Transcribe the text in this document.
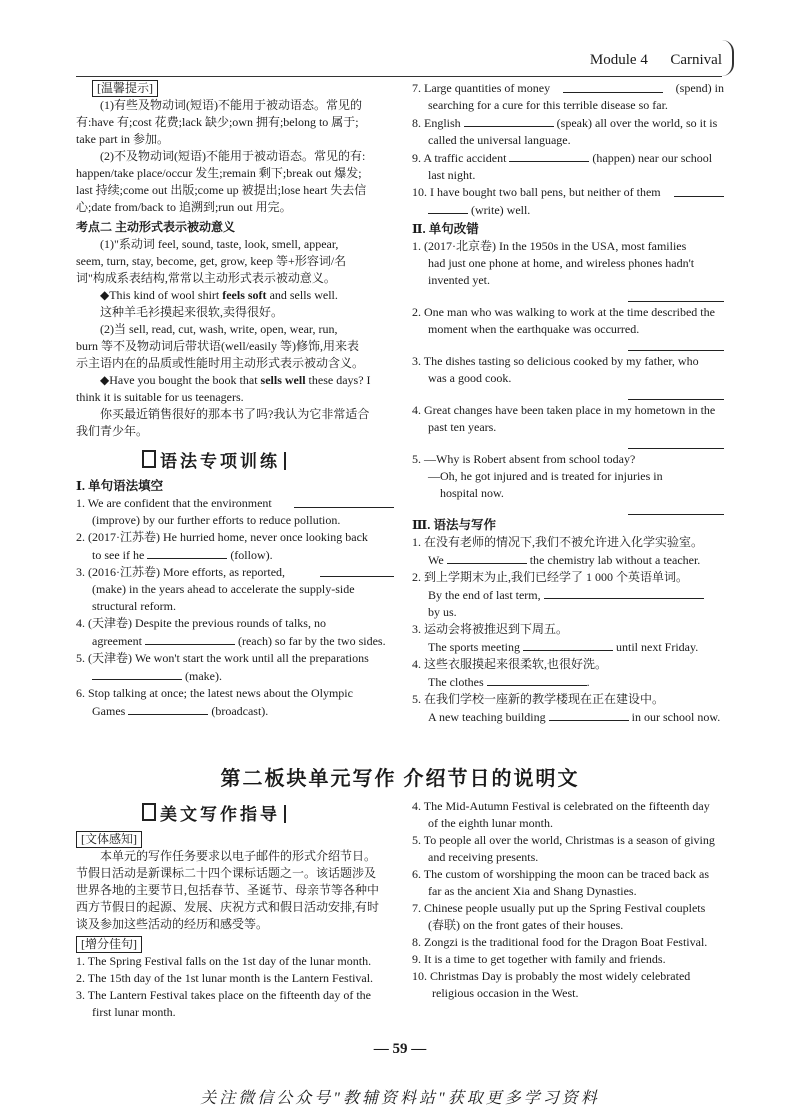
Module 4 Carnival

[温馨提示]

(1)有些及物动词(短语)不能用于被动语态。常见的

有:have 有;cost 花费;lack 缺少;own 拥有;belong to 属于;

take part in 参加。

(2)不及物动词(短语)不能用于被动语态。常见的有:

happen/take place/occur 发生;remain 剩下;break out 爆发;

last 持续;come out 出版;come up 被提出;lose heart 失去信

心;date from/back to 追溯到;run out 用完。

考点二 主动形式表示被动意义

(1)"系动词 feel, sound, taste, look, smell, appear,

seem, turn, stay, become, get, grow, keep 等+形容词/名

词"构成系表结构,常常以主动形式表示被动意义。

◆This kind of wool shirt feels soft and sells well.

这种羊毛衫摸起来很软,卖得很好。

(2)当 sell, read, cut, wash, write, open, wear, run,

burn 等不及物动词后带状语(well/easily 等)修饰,用来表

示主语内在的品质或性能时用主动形式表示被动含义。

◆Have you bought the book that sells well these days? I

think it is suitable for us teenagers.

你买最近销售很好的那本书了吗?我认为它非常适合

我们青少年。

语法专项训练

Ⅰ. 单句语法填空

1. We are confident that the environment

(improve) by our further efforts to reduce pollution.

2. (2017·江苏卷) He hurried home, never once looking back

to see if he	(follow).

3. (2016·江苏卷) More efforts, as reported,

(make) in the years ahead to accelerate the supply-side

structural reform.

4. (天津卷) Despite the previous rounds of talks, no

agreement	(reach) so far by the two sides.

5. (天津卷) We won't start the work until all the preparations

(make).

6. Stop talking at once; the latest news about the Olympic

Games	(broadcast).

7. Large quantities of money	(spend) in

searching for a cure for this terrible disease so far.

8. English	(speak) all over the world, so it is

called the universal language.

9. A traffic accident	(happen) near our school

last night.

10. I have bought two ball pens, but neither of them

(write) well.

Ⅱ. 单句改错

1. (2017·北京卷) In the 1950s in the USA, most families

had just one phone at home, and wireless phones hadn't

invented yet.

2. One man who was walking to work at the time described the

moment when the earthquake was occurred.

3. The dishes tasting so delicious cooked by my father, who

was a good cook.

4. Great changes have been taken place in my hometown in the

past ten years.

5. —Why is Robert absent from school today?

—Oh, he got injured and is treated for injuries in

hospital now.

Ⅲ. 语法与写作

1. 在没有老师的情况下,我们不被允许进入化学实验室。

We	the chemistry lab without a teacher.

2. 到上学期末为止,我们已经学了 1 000 个英语单词。

By the end of last term,

by us.

3. 运动会将被推迟到下周五。

The sports meeting	until next Friday.

4. 这些衣服摸起来很柔软,也很好洗。

The clothes	.

5. 在我们学校一座新的教学楼现在正在建设中。

A new teaching building	in our school now.

第二板块单元写作 介绍节日的说明文

美文写作指导

[文体感知]

本单元的写作任务要求以电子邮件的形式介绍节日。

节假日活动是新课标二十四个课标话题之一。该话题涉及

世界各地的主要节日,包括春节、圣诞节、母亲节等各种中

西方节假日的起源、发展、庆祝方式和假日活动安排,有时

谈及参加这些活动的经历和感受等。

[增分佳句]

1. The Spring Festival falls on the 1st day of the lunar month.

2. The 15th day of the 1st lunar month is the Lantern Festival.

3. The Lantern Festival takes place on the fifteenth day of the

first lunar month.

4. The Mid-Autumn Festival is celebrated on the fifteenth day

of the eighth lunar month.

5. To people all over the world, Christmas is a season of giving

and receiving presents.

6. The custom of worshipping the moon can be traced back as

far as the ancient Xia and Shang Dynasties.

7. Chinese people usually put up the Spring Festival couplets

(春联) on the front gates of their houses.

8. Zongzi is the traditional food for the Dragon Boat Festival.

9. It is a time to get together with family and friends.

10. Christmas Day is probably the most widely celebrated

religious occasion in the West.

— 59 —
关注微信公众号"教辅资料站"获取更多学习资料
